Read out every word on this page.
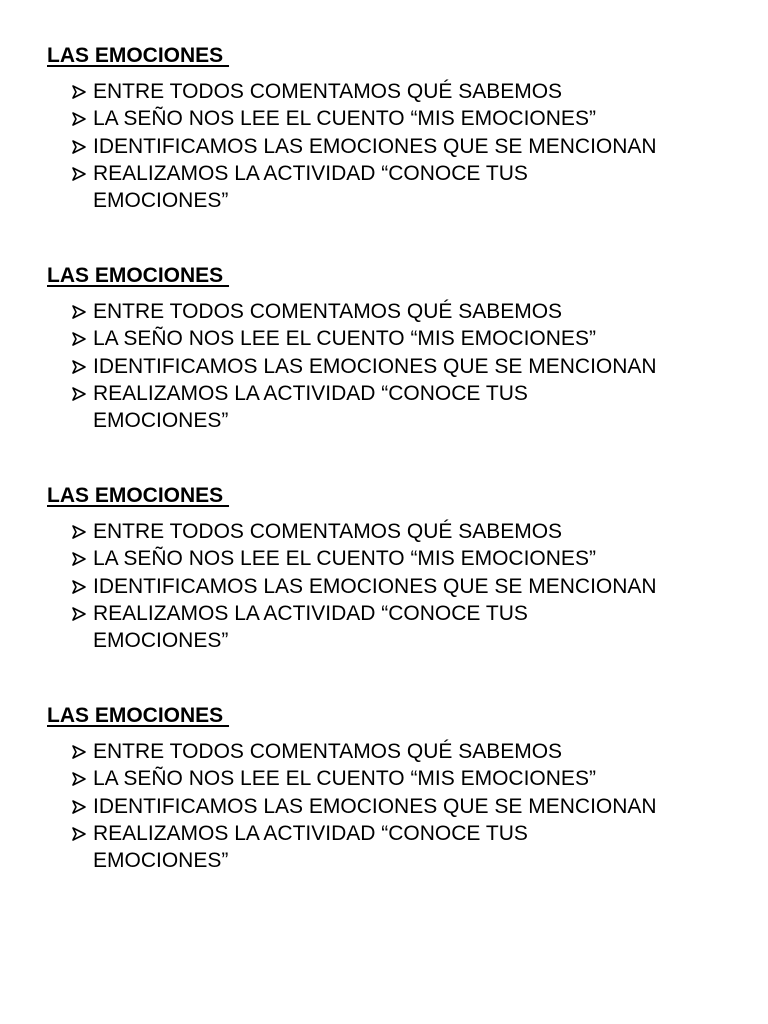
LAS EMOCIONES
ENTRE TODOS COMENTAMOS QUÉ SABEMOS
LA SEÑO NOS LEE EL CUENTO “MIS EMOCIONES”
IDENTIFICAMOS LAS EMOCIONES QUE SE MENCIONAN
REALIZAMOS LA ACTIVIDAD “CONOCE TUS EMOCIONES”
LAS EMOCIONES
ENTRE TODOS COMENTAMOS QUÉ SABEMOS
LA SEÑO NOS LEE EL CUENTO “MIS EMOCIONES”
IDENTIFICAMOS LAS EMOCIONES QUE SE MENCIONAN
REALIZAMOS LA ACTIVIDAD “CONOCE TUS EMOCIONES”
LAS EMOCIONES
ENTRE TODOS COMENTAMOS QUÉ SABEMOS
LA SEÑO NOS LEE EL CUENTO “MIS EMOCIONES”
IDENTIFICAMOS LAS EMOCIONES QUE SE MENCIONAN
REALIZAMOS LA ACTIVIDAD “CONOCE TUS EMOCIONES”
LAS EMOCIONES
ENTRE TODOS COMENTAMOS QUÉ SABEMOS
LA SEÑO NOS LEE EL CUENTO “MIS EMOCIONES”
IDENTIFICAMOS LAS EMOCIONES QUE SE MENCIONAN
REALIZAMOS LA ACTIVIDAD “CONOCE TUS EMOCIONES”
